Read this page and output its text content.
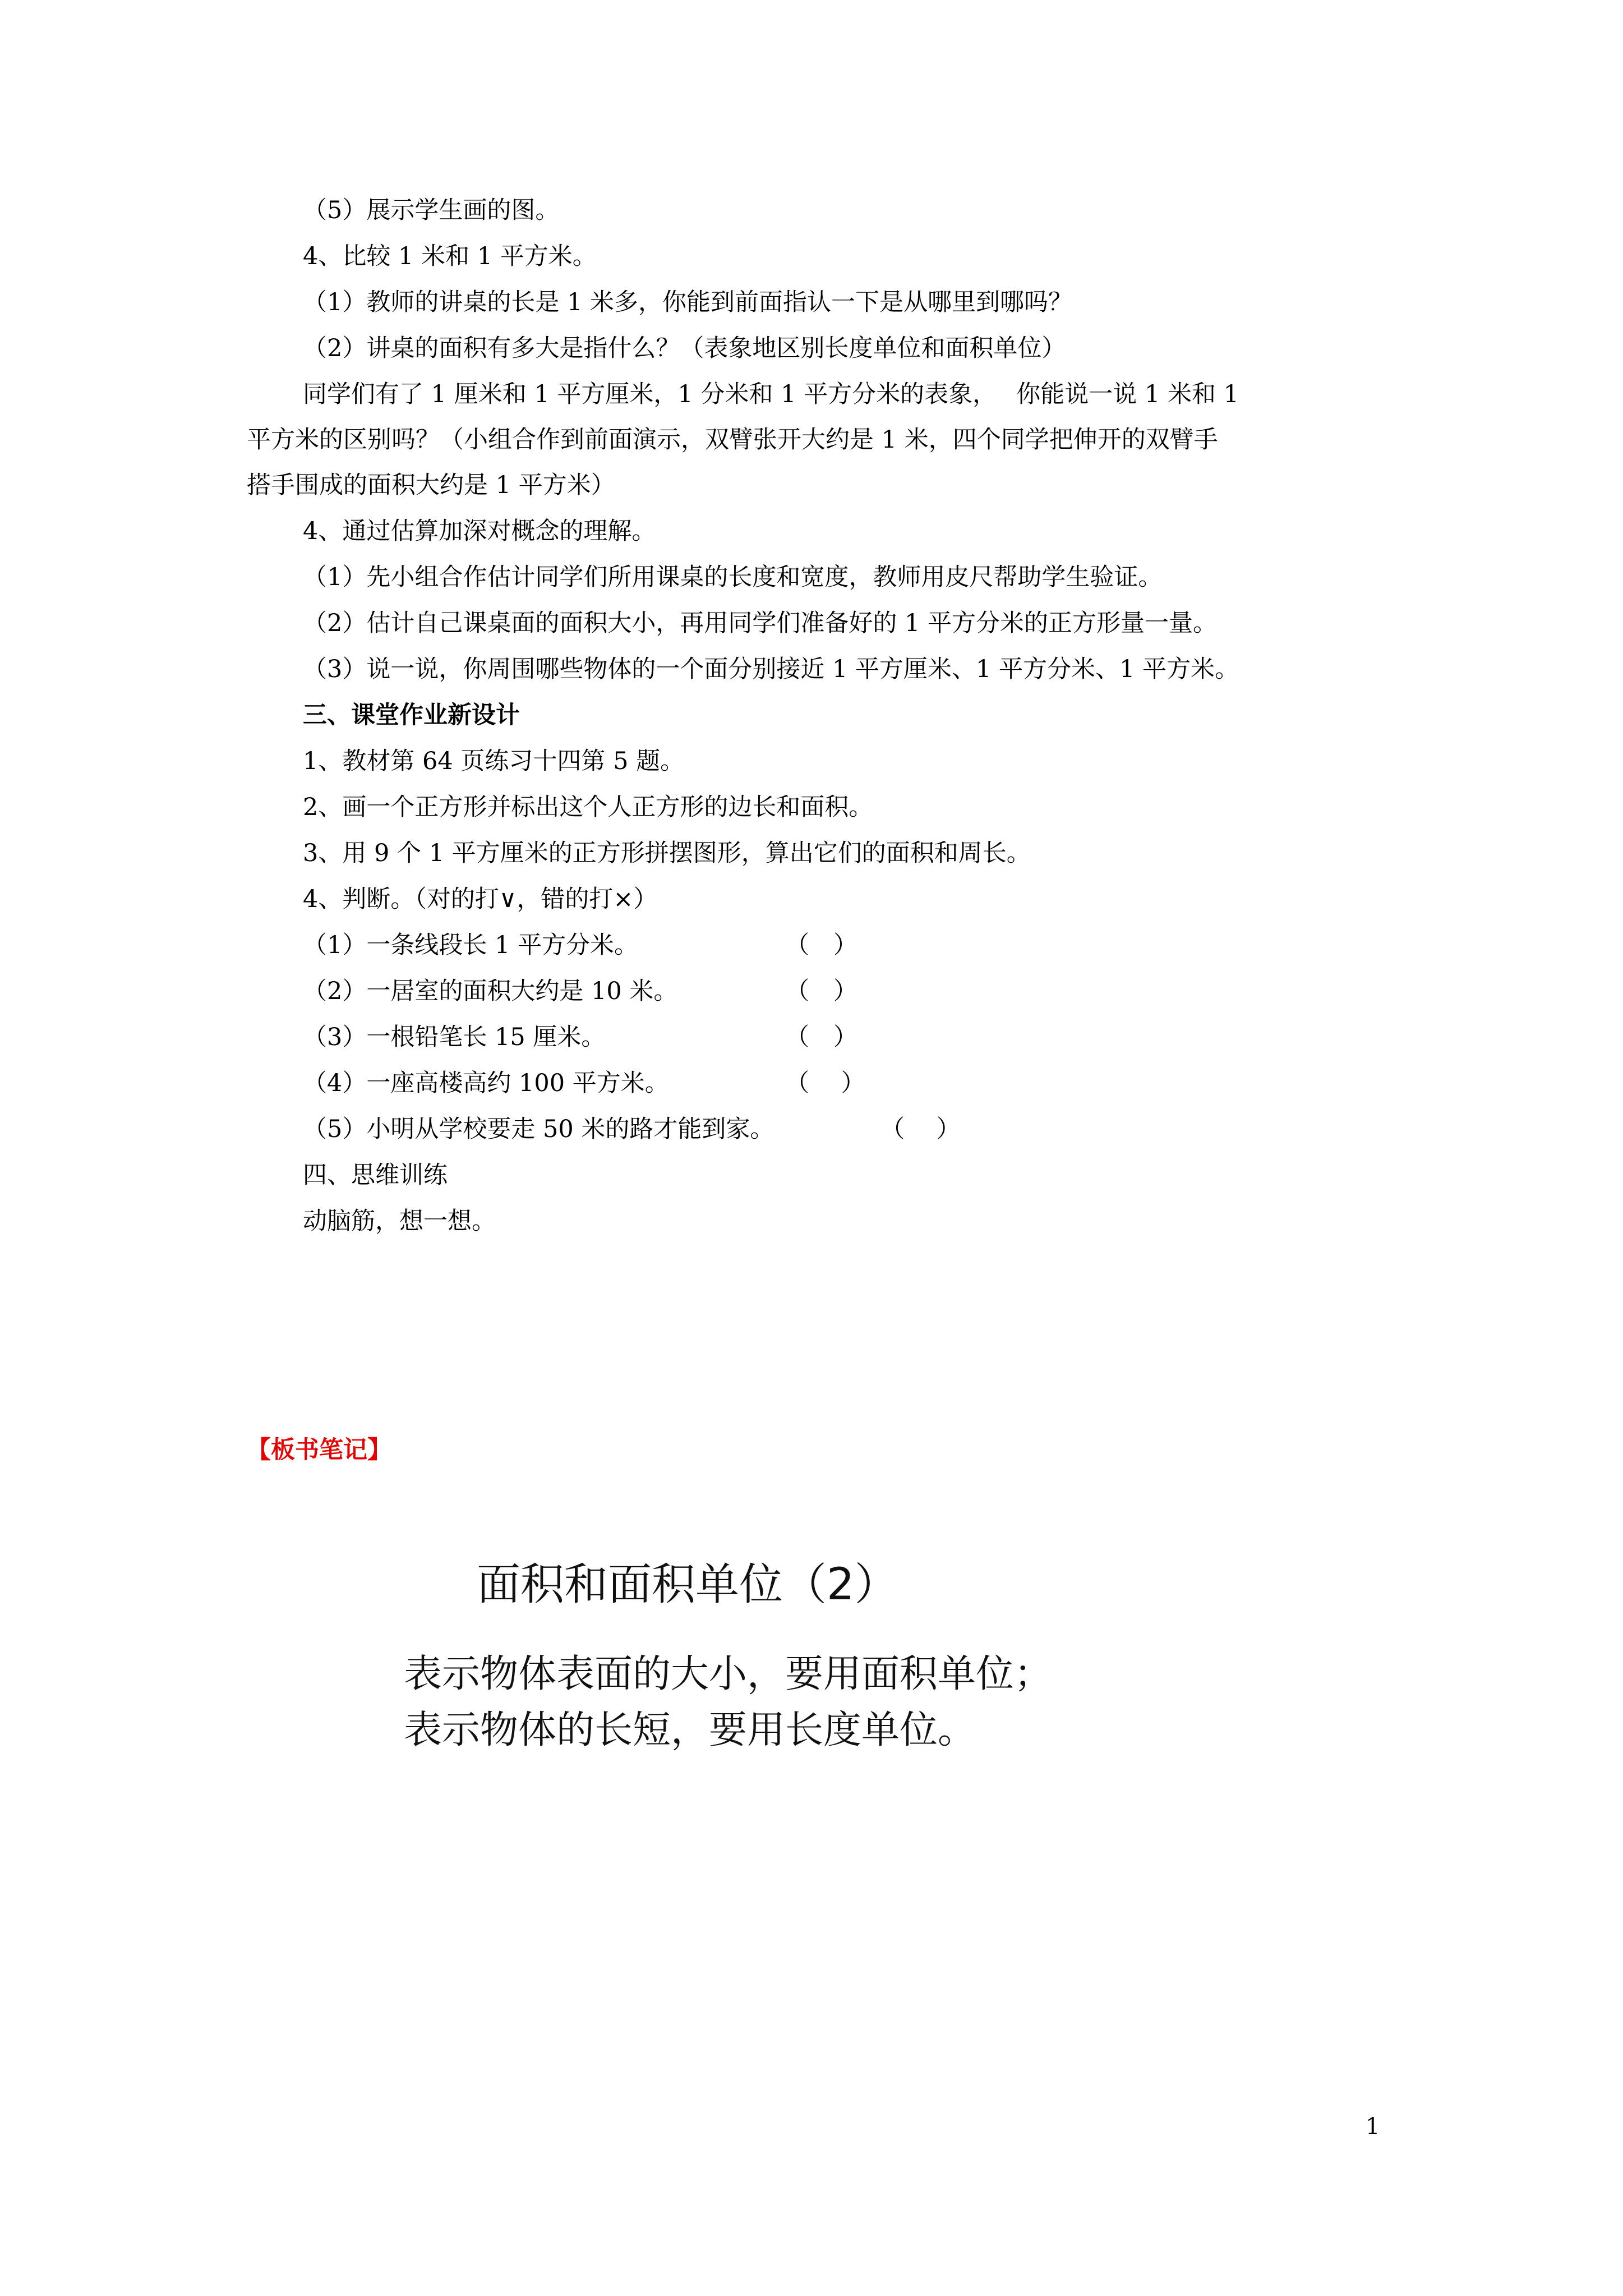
（5）展示学生画的图。
4、比较 1 米和 1 平方米。
（1）教师的讲桌的长是 1 米多，你能到前面指认一下是从哪里到哪吗？
（2）讲桌的面积有多大是指什么？（表象地区别长度单位和面积单位）
同学们有了 1 厘米和 1 平方厘米，1 分米和 1 平方分米的表象，　 你能说一说 1 米和 1
平方米的区别吗？（小组合作到前面演示，双臂张开大约是 1 米，四个同学把伸开的双臂手
搭手围成的面积大约是 1 平方米）
4、通过估算加深对概念的理解。
（1）先小组合作估计同学们所用课桌的长度和宽度，教师用皮尺帮助学生验证。
（2）估计自己课桌面的面积大小，再用同学们准备好的 1 平方分米的正方形量一量。
（3）说一说，你周围哪些物体的一个面分别接近 1 平方厘米、1 平方分米、1 平方米。
三、课堂作业新设计
1、教材第 64 页练习十四第 5 题。
2、画一个正方形并标出这个人正方形的边长和面积。
3、用 9 个 1 平方厘米的正方形拼摆图形，算出它们的面积和周长。
4、判断。（对的打∨，错的打×）
（1）一条线段长 1 平方分米。	（　）
（2）一居室的面积大约是 10 米。	（　）
（3）一根铅笔长 15 厘米。	（　）
（4）一座高楼高约 100 平方米。	（　 ）
（5）小明从学校要走 50 米的路才能到家。	（　 ）
四、思维训练
动脑筋，想一想。
【板书笔记】
面积和面积单位（2）
表示物体表面的大小，要用面积单位；
表示物体的长短，要用长度单位。
1
